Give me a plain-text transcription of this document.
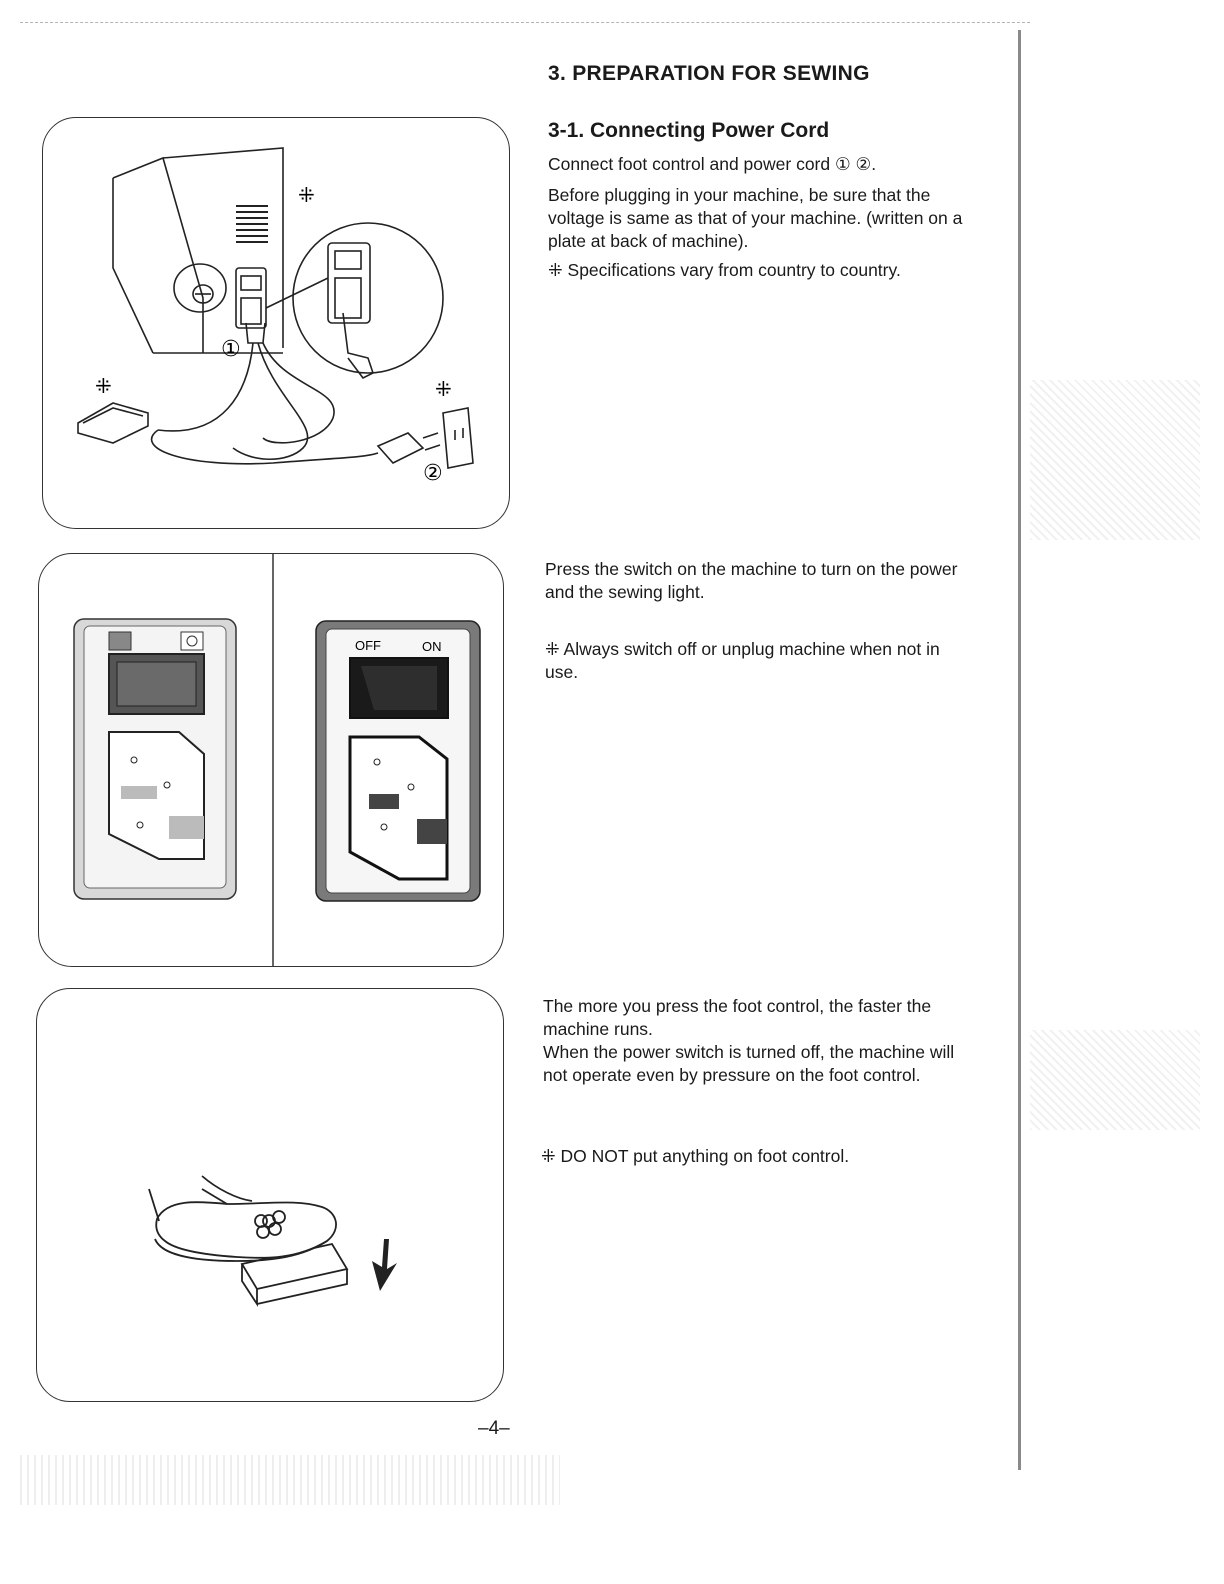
3. PREPARATION FOR SEWING
3-1. Connecting Power Cord

Connect foot control and power cord ① ②.

Before plugging in your machine, be sure that the voltage is same as that of your machine. (written on a plate at back of machine).

⁜ Specifications vary from country to country.

Press the switch on the machine to turn on the power and the sewing light.

⁜ Always switch off or unplug machine when not in use.

The more you press the foot control, the faster the machine runs.

When the power switch is turned off, the machine will not operate even by pressure on the foot control.

⁜ DO NOT put anything on foot control.

①
②
⁜
⁜	⁜
OFF	ON
–4–
